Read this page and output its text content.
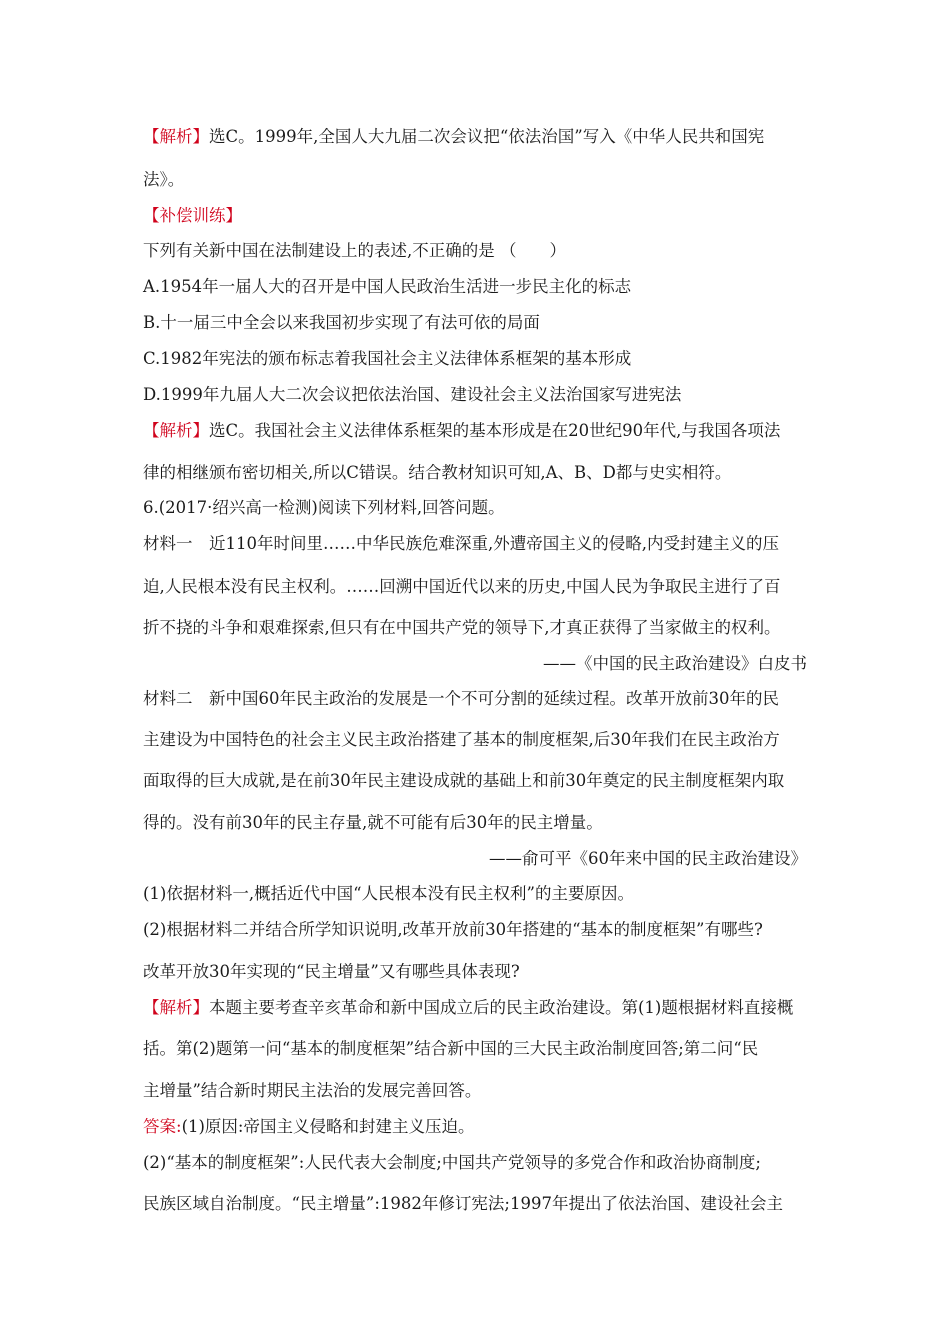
【解析】选C。1999年,全国人大九届二次会议把“依法治国”写入《中华人民共和国宪
法》。
【补偿训练】
下列有关新中国在法制建设上的表述,不正确的是 （　　）
A.1954年一届人大的召开是中国人民政治生活进一步民主化的标志
B.十一届三中全会以来我国初步实现了有法可依的局面
C.1982年宪法的颁布标志着我国社会主义法律体系框架的基本形成
D.1999年九届人大二次会议把依法治国、建设社会主义法治国家写进宪法
【解析】选C。我国社会主义法律体系框架的基本形成是在20世纪90年代,与我国各项法
律的相继颁布密切相关,所以C错误。结合教材知识可知,A、B、D都与史实相符。
6.(2017·绍兴高一检测)阅读下列材料,回答问题。
材料一　近110年时间里……中华民族危难深重,外遭帝国主义的侵略,内受封建主义的压
迫,人民根本没有民主权利。……回溯中国近代以来的历史,中国人民为争取民主进行了百
折不挠的斗争和艰难探索,但只有在中国共产党的领导下,才真正获得了当家做主的权利。
——《中国的民主政治建设》白皮书
材料二　新中国60年民主政治的发展是一个不可分割的延续过程。改革开放前30年的民
主建设为中国特色的社会主义民主政治搭建了基本的制度框架,后30年我们在民主政治方
面取得的巨大成就,是在前30年民主建设成就的基础上和前30年奠定的民主制度框架内取
得的。没有前30年的民主存量,就不可能有后30年的民主增量。
——俞可平《60年来中国的民主政治建设》
(1)依据材料一,概括近代中国“人民根本没有民主权利”的主要原因。
(2)根据材料二并结合所学知识说明,改革开放前30年搭建的“基本的制度框架”有哪些?
改革开放30年实现的“民主增量”又有哪些具体表现?
【解析】本题主要考查辛亥革命和新中国成立后的民主政治建设。第(1)题根据材料直接概
括。第(2)题第一问“基本的制度框架”结合新中国的三大民主政治制度回答;第二问“民
主增量”结合新时期民主法治的发展完善回答。
答案:(1)原因:帝国主义侵略和封建主义压迫。
(2)“基本的制度框架”:人民代表大会制度;中国共产党领导的多党合作和政治协商制度;
民族区域自治制度。“民主增量”:1982年修订宪法;1997年提出了依法治国、建设社会主
